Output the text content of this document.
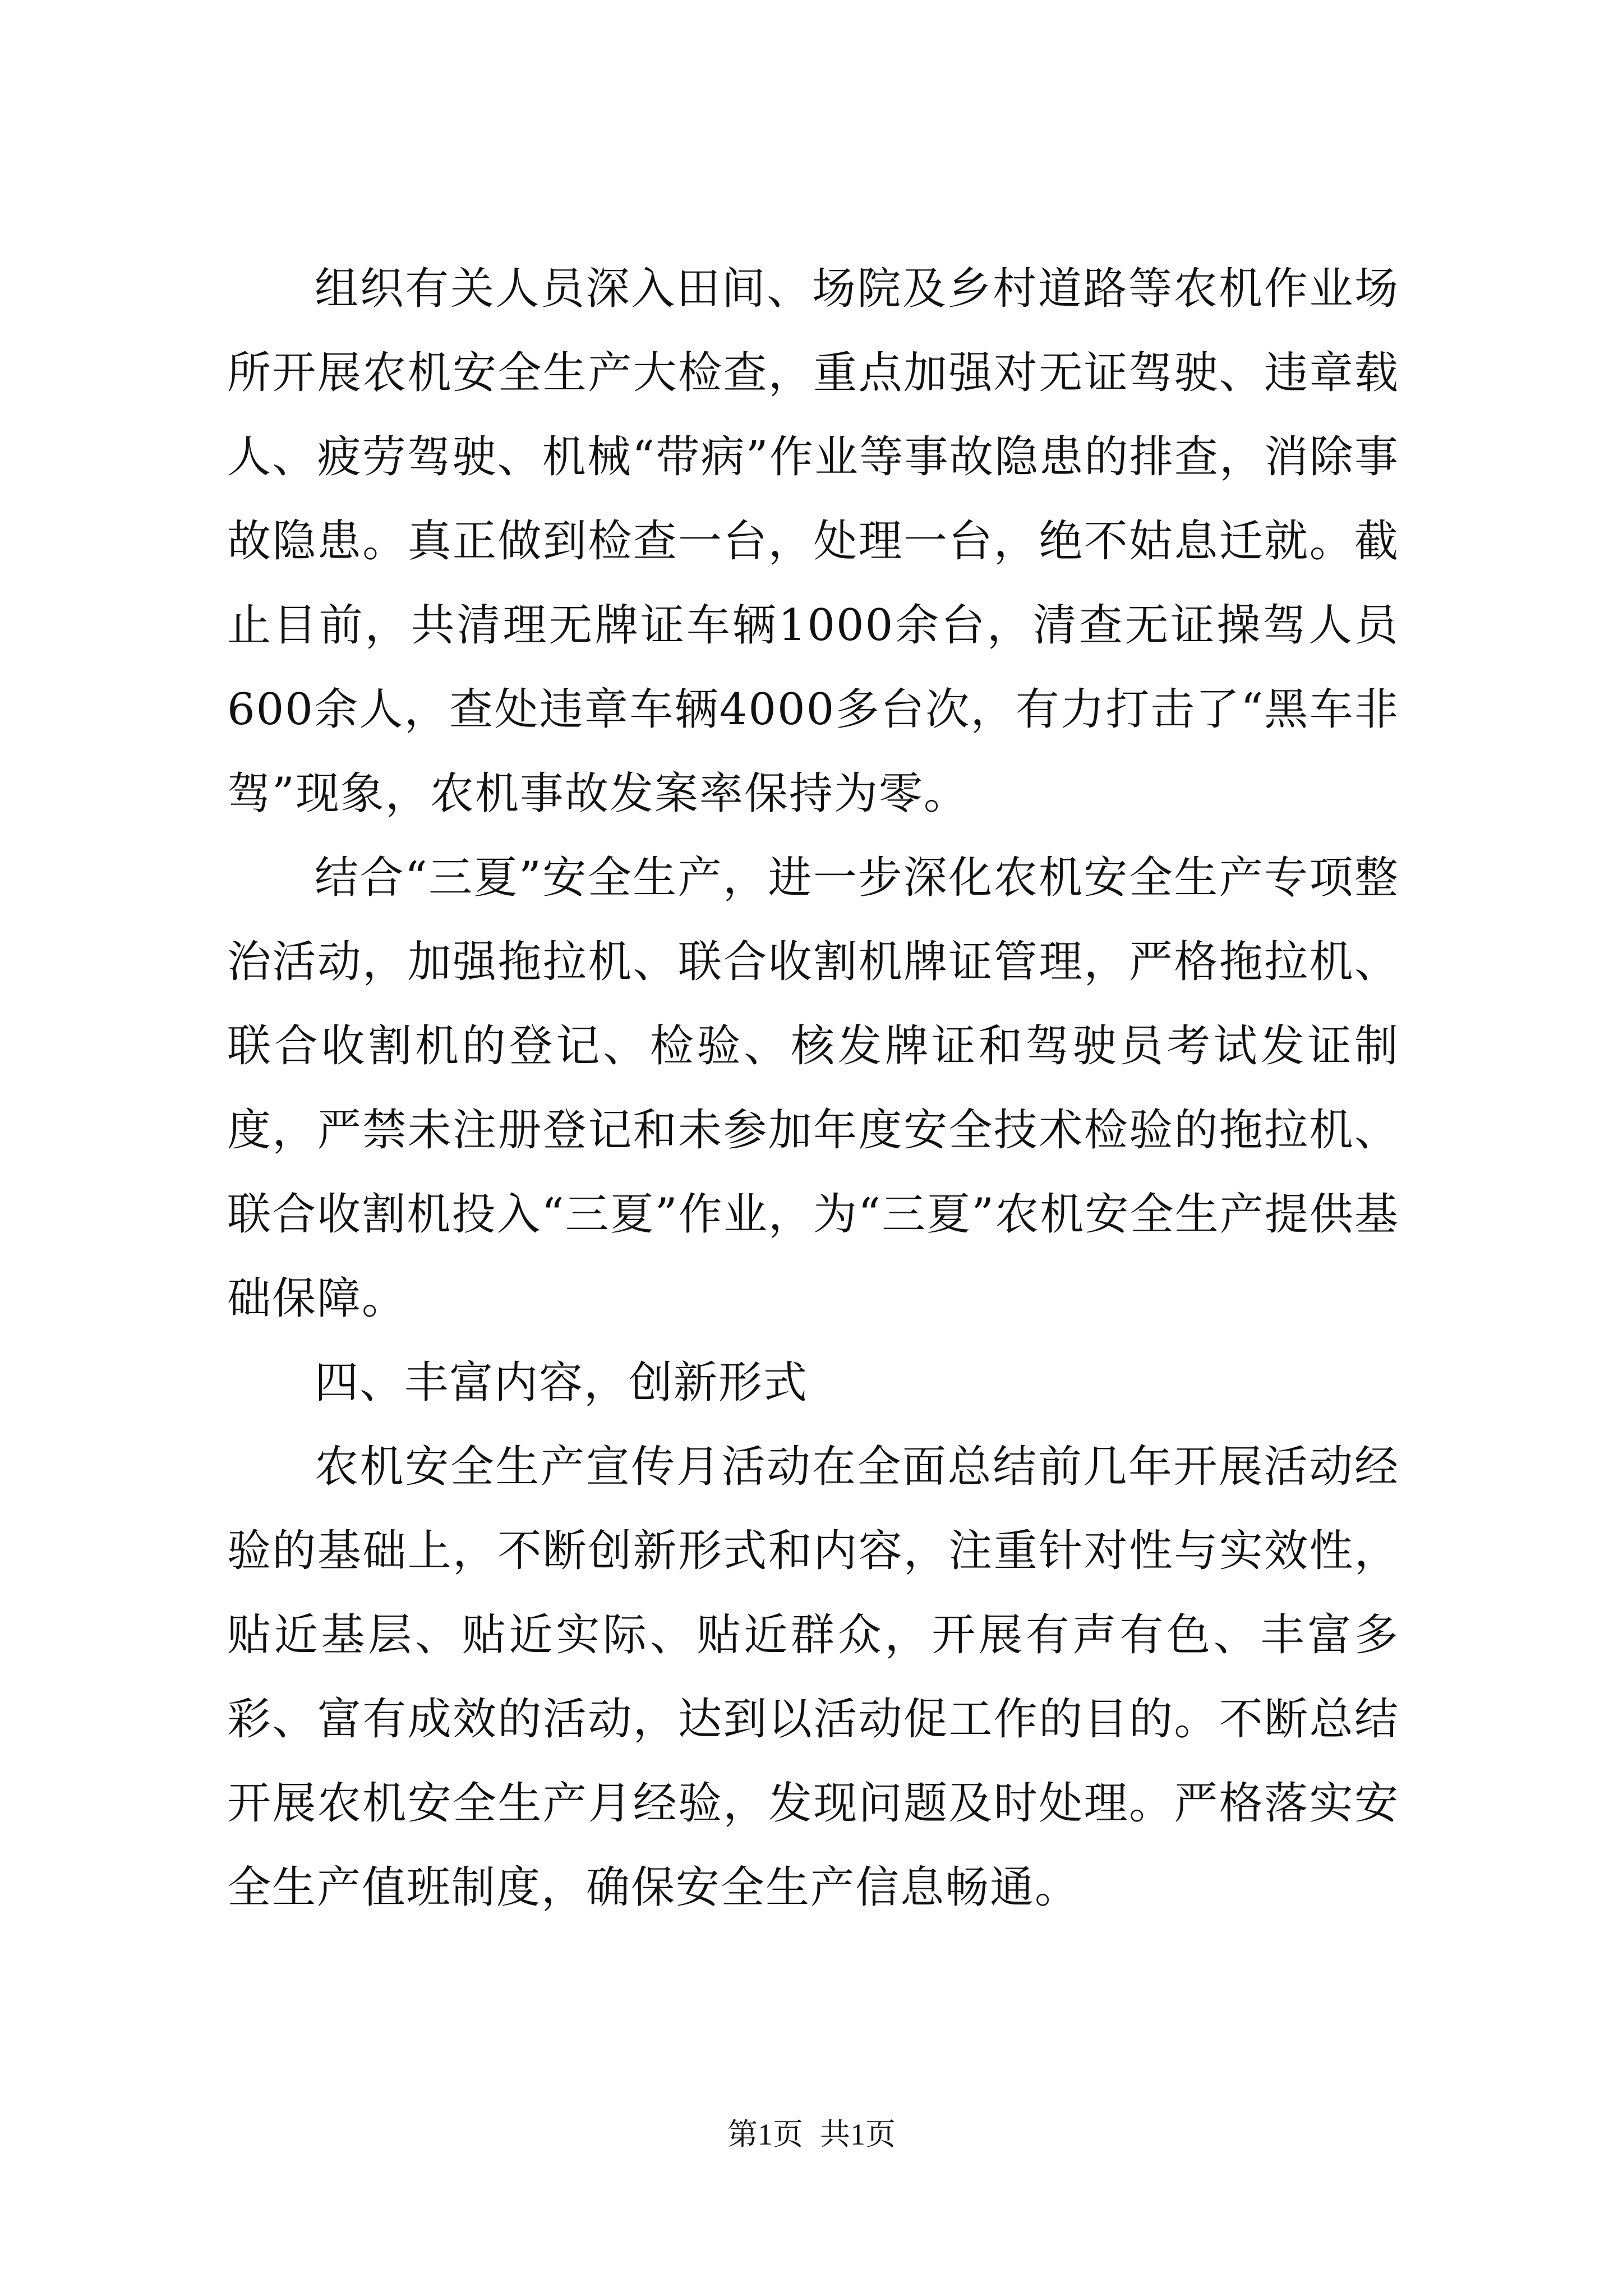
组织有关人员深入田间、场院及乡村道路等农机作业场所开展农机安全生产大检查，重点加强对无证驾驶、违章载人、疲劳驾驶、机械“带病”作业等事故隐患的排查，消除事故隐患。真正做到检查一台，处理一台，绝不姑息迁就。截止目前，共清理无牌证车辆1000余台，清查无证操驾人员600余人，查处违章车辆4000多台次，有力打击了“黑车非驾”现象，农机事故发案率保持为零。

结合“三夏”安全生产，进一步深化农机安全生产专项整治活动，加强拖拉机、联合收割机牌证管理，严格拖拉机、联合收割机的登记、检验、核发牌证和驾驶员考试发证制度，严禁未注册登记和未参加年度安全技术检验的拖拉机、联合收割机投入“三夏”作业，为“三夏”农机安全生产提供基础保障。

四、丰富内容，创新形式

农机安全生产宣传月活动在全面总结前几年开展活动经验的基础上，不断创新形式和内容，注重针对性与实效性，贴近基层、贴近实际、贴近群众，开展有声有色、丰富多彩、富有成效的活动，达到以活动促工作的目的。不断总结开展农机安全生产月经验，发现问题及时处理。严格落实安全生产值班制度，确保安全生产信息畅通。

第1页 共1页
